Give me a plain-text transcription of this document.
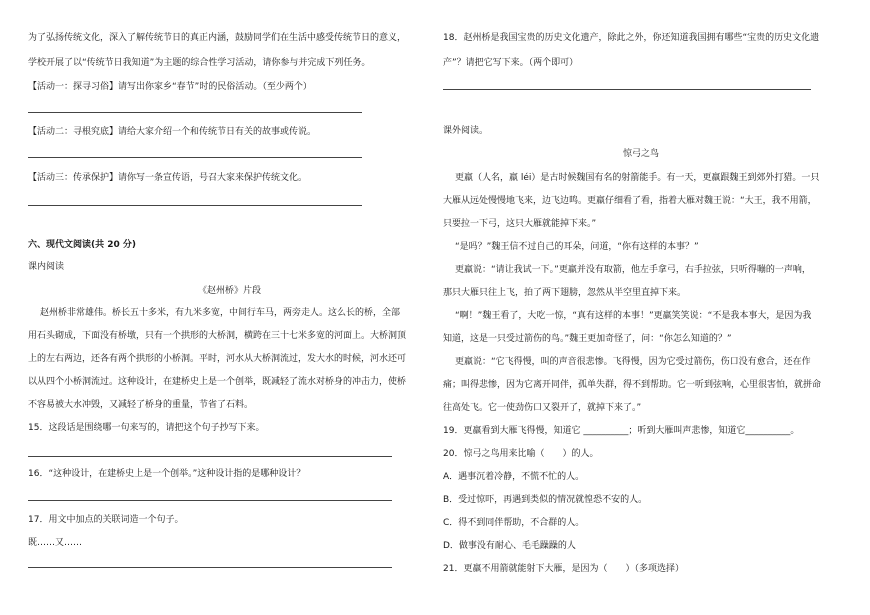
为了弘扬传统文化，深入了解传统节日的真正内涵，鼓励同学们在生活中感受传统节日的意义，
学校开展了以“传统节日我知道”为主题的综合性学习活动，请你参与并完成下列任务。
【活动一：探寻习俗】请写出你家乡“春节”时的民俗活动。（至少两个）
【活动二：寻根究底】请给大家介绍一个和传统节日有关的故事或传说。
【活动三：传承保护】请你写一条宣传语，号召大家来保护传统文化。
六、现代文阅读(共 20 分)
课内阅读
《赵州桥》片段
赵州桥非常雄伟。桥长五十多米，有九米多宽，中间行车马，两旁走人。这么长的桥，全部
用石头砌成，下面没有桥墩，只有一个拱形的大桥洞，横跨在三十七米多宽的河面上。大桥洞顶
上的左右两边，还各有两个拱形的小桥洞。平时，河水从大桥洞流过，发大水的时候，河水还可
以从四个小桥洞流过。这种设计，在建桥史上是一个创举，既减轻了流水对桥身的冲击力，使桥
不容易被大水冲毁，又减轻了桥身的重量，节省了石料。
15．这段话是围绕哪一句来写的，请把这个句子抄写下来。
16．“这种设计，在建桥史上是一个创举。”这种设计指的是哪种设计？
17．用文中加点的关联词造一个句子。
既……又……
18．赵州桥是我国宝贵的历史文化遗产，除此之外，你还知道我国拥有哪些“宝贵的历史文化遗
产”？请把它写下来。（两个即可）
课外阅读。
惊弓之鸟
更羸（人名，羸 léi）是古时候魏国有名的射箭能手。有一天，更羸跟魏王到郊外打猎。一只
大雁从远处慢慢地飞来，边飞边鸣。更羸仔细看了看，指着大雁对魏王说：“大王，我不用箭，
只要拉一下弓，这只大雁就能掉下来。”
“是吗？”魏王信不过自己的耳朵，问道，“你有这样的本事？”
更羸说：“请让我试一下。”更羸并没有取箭，他左手拿弓，右手拉弦，只听得嘣的一声响，
那只大雁只往上飞，拍了两下翅膀，忽然从半空里直掉下来。
“啊！”魏王看了，大吃一惊，“真有这样的本事！”更羸笑笑说：“不是我本事大，是因为我
知道，这是一只受过箭伤的鸟。”魏王更加奇怪了，问：“你怎么知道的？”
更羸说：“它飞得慢，叫的声音很悲惨。飞得慢，因为它受过箭伤，伤口没有愈合，还在作
痛；叫得悲惨，因为它离开同伴，孤单失群，得不到帮助。它一听到弦响，心里很害怕，就拼命
往高处飞。它一使劲伤口又裂开了，就掉下来了。”
19．更羸看到大雁飞得慢，知道它 __________；听到大雁叫声悲惨，知道它__________。
20．惊弓之鸟用来比喻（　　）的人。
A．遇事沉着冷静，不慌不忙的人。
B．受过惊吓，再遇到类似的情况就惶恐不安的人。
C．得不到同伴帮助，不合群的人。
D．做事没有耐心、毛毛躁躁的人
21．更羸不用箭就能射下大雁，是因为（　　）（多项选择）
